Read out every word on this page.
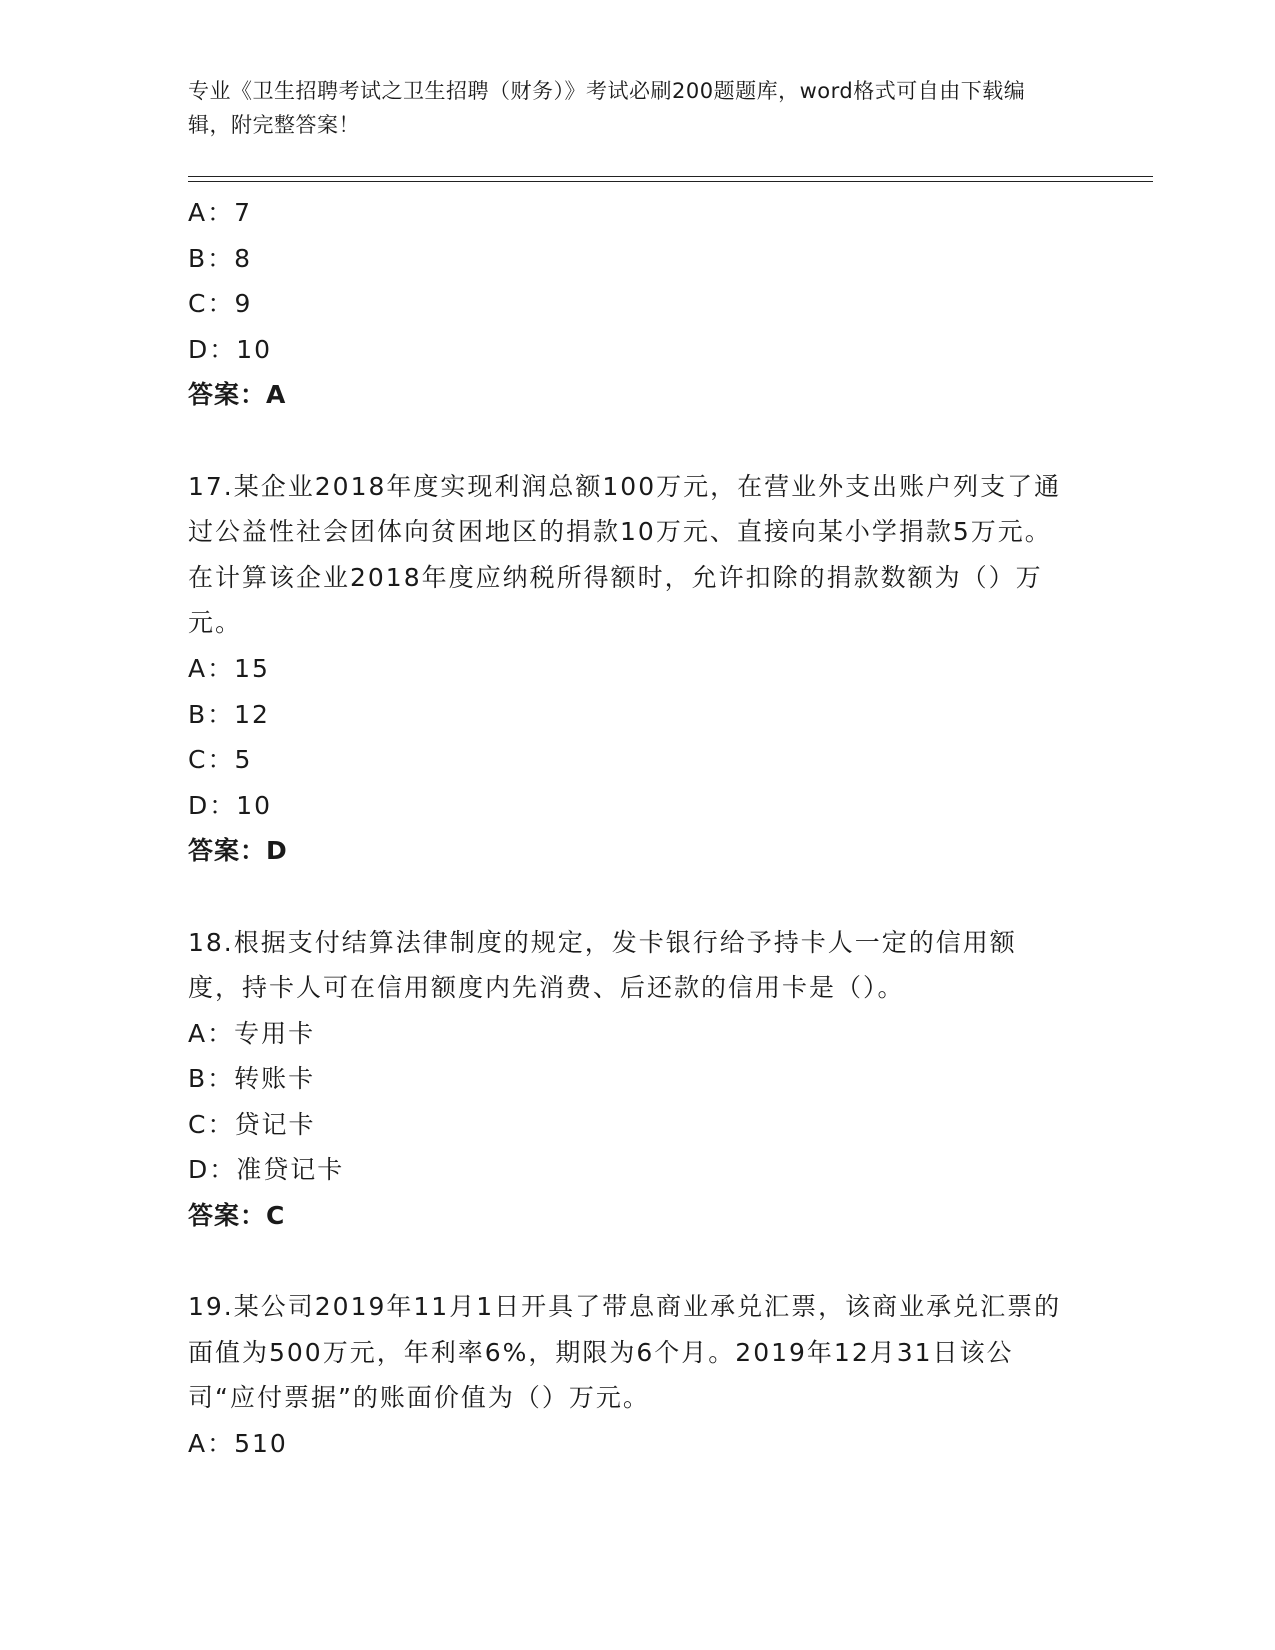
专业《卫生招聘考试之卫生招聘（财务）》考试必刷200题题库，word格式可自由下载编辑，附完整答案！
A：7
B：8
C：9
D：10
答案：A
17.某企业2018年度实现利润总额100万元，在营业外支出账户列支了通过公益性社会团体向贫困地区的捐款10万元、直接向某小学捐款5万元。在计算该企业2018年度应纳税所得额时，允许扣除的捐款数额为（）万元。
A：15
B：12
C：5
D：10
答案：D
18.根据支付结算法律制度的规定，发卡银行给予持卡人一定的信用额度，持卡人可在信用额度内先消费、后还款的信用卡是（）。
A：专用卡
B：转账卡
C：贷记卡
D：准贷记卡
答案：C
19.某公司2019年11月1日开具了带息商业承兑汇票，该商业承兑汇票的面值为500万元，年利率6%，期限为6个月。2019年12月31日该公司“应付票据”的账面价值为（）万元。
A：510
